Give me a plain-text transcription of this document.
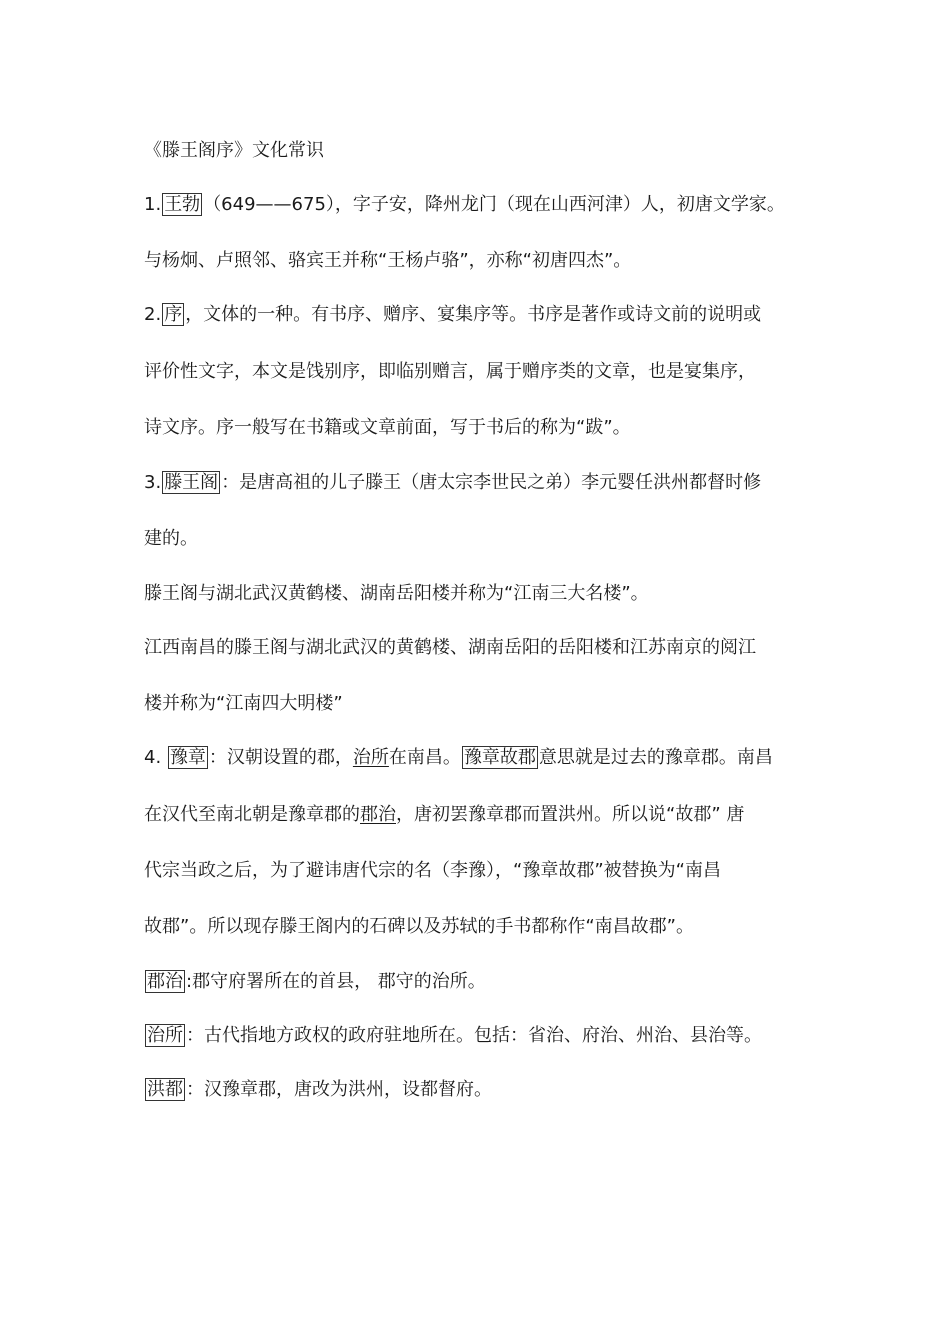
《滕王阁序》文化常识
1. 王勃 （649——675），字子安，降州龙门（现在山西河津）人，初唐文学家。
与杨炯、卢照邻、骆宾王并称“王杨卢骆”，亦称“初唐四杰”。
2. 序 ，文体的一种。有书序、赠序、宴集序等。书序是著作或诗文前的说明或
评价性文字，本文是饯别序，即临别赠言，属于赠序类的文章，也是宴集序，
诗文序。序一般写在书籍或文章前面，写于书后的称为“跋”。
3. 滕王阁 ：是唐高祖的儿子滕王（唐太宗李世民之弟）李元婴任洪州都督时修
建的。
滕王阁与湖北武汉黄鹤楼、湖南岳阳楼并称为“江南三大名楼”。
江西南昌的滕王阁与湖北武汉的黄鹤楼、湖南岳阳的岳阳楼和江苏南京的阅江
楼并称为“江南四大明楼”
4. 豫章 ：汉朝设置的郡，治所在南昌。 豫章故郡 意思就是过去的豫章郡。南昌
在汉代至南北朝是豫章郡的郡治，唐初罢豫章郡而置洪州。所以说“故郡” 唐
代宗当政之后，为了避讳唐代宗的名（李豫），“豫章故郡”被替换为“南昌
故郡”。所以现存滕王阁内的石碑以及苏轼的手书都称作“南昌故郡”。
郡治 :郡守府署所在的首县， 郡守的治所。
治所 ：古代指地方政权的政府驻地所在。包括：省治、府治、州治、县治等。
洪都 ：汉豫章郡，唐改为洪州，设都督府。
